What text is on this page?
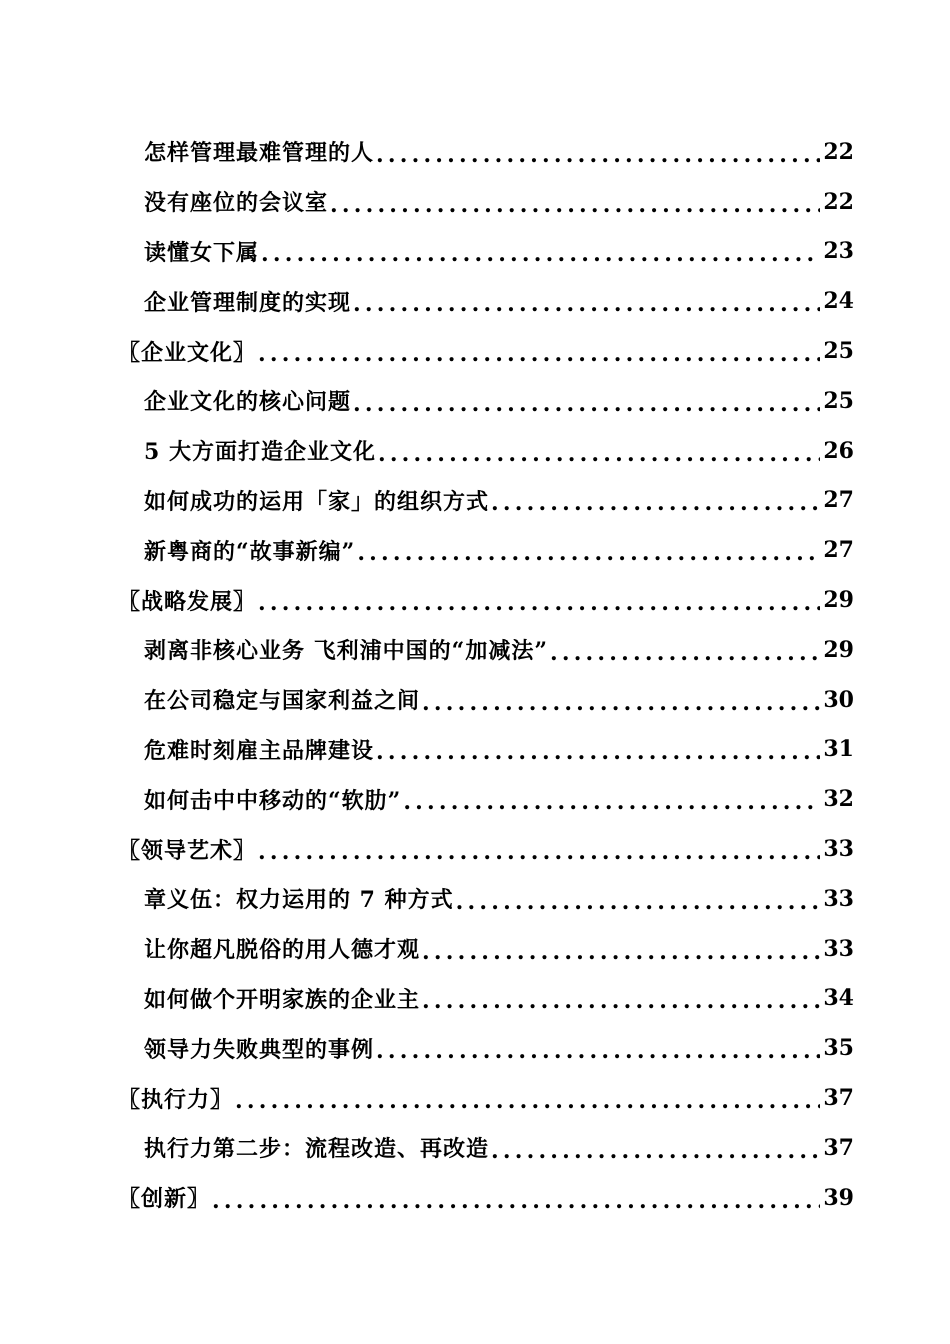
怎样管理最难管理的人 .....	22
没有座位的会议室 .....	22
读懂女下属 .....	23
企业管理制度的实现 .....	24
〖企业文化〗 .....	25
企业文化的核心问题 .....	25
5 大方面打造企业文化 .....	26
如何成功的运用「家」的组织方式 .....	27
新粤商的“故事新编” .....	27
〖战略发展〗 .....	29
剥离非核心业务 飞利浦中国的“加减法” .....	29
在公司稳定与国家利益之间 .....	30
危难时刻雇主品牌建设 .....	31
如何击中中移动的“软肋” .....	32
〖领导艺术〗 .....	33
章义伍：权力运用的 7 种方式 .....	33
让你超凡脱俗的用人德才观 .....	33
如何做个开明家族的企业主 .....	34
领导力失败典型的事例 .....	35
〖执行力〗 .....	37
执行力第二步：流程改造、再改造 .....	37
〖创新〗 .....	39
